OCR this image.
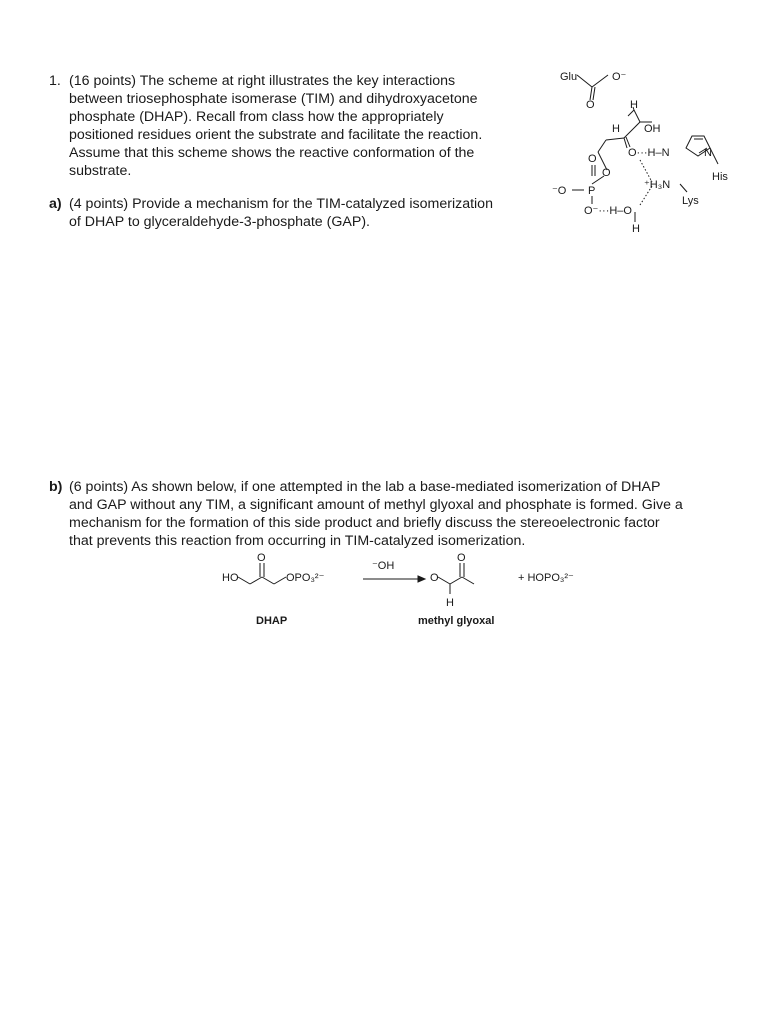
1. (16 points) The scheme at right illustrates the key interactions
between triosephosphate isomerase (TIM) and dihydroxyacetone
phosphate (DHAP). Recall from class how the appropriately
positioned residues orient the substrate and facilitate the reaction.
Assume that this scheme shows the reactive conformation of the
substrate.
a) (4 points) Provide a mechanism for the TIM-catalyzed isomerization
of DHAP to glyceraldehyde-3-phosphate (GAP).
b) (6 points) As shown below, if one attempted in the lab a base-mediated isomerization of DHAP
and GAP without any TIM, a significant amount of methyl glyoxal and phosphate is formed. Give a
mechanism for the formation of this side product and briefly discuss the stereoelectronic factor
that prevents this reaction from occurring in TIM-catalyzed isomerization.
Glu	O⁻
O	H
H OH
O···H–N	N
His
O
O
P
⁻O	⁺H₃N
Lys
O⁻···H–O
H
HO	OPO₃²⁻
O
⁻OH
O
O
H
+ HOPO₃²⁻
DHAP	methyl glyoxal
